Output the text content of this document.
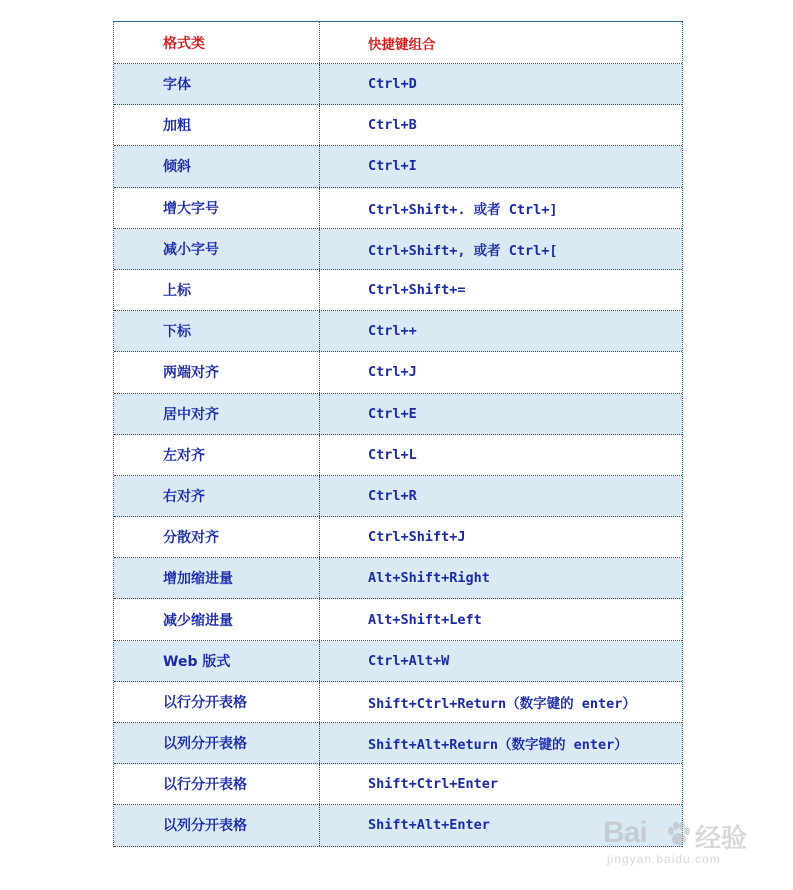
格式类	快捷键组合
字体	Ctrl+D
加粗	Ctrl+B
倾斜	Ctrl+I
增大字号	Ctrl+Shift+. 或者 Ctrl+]
减小字号	Ctrl+Shift+, 或者 Ctrl+[
上标	Ctrl+Shift+=
下标	Ctrl++
两端对齐	Ctrl+J
居中对齐	Ctrl+E
左对齐	Ctrl+L
右对齐	Ctrl+R
分散对齐	Ctrl+Shift+J
增加缩进量	Alt+Shift+Right
减少缩进量	Alt+Shift+Left
Web 版式	Ctrl+Alt+W
以行分开表格	Shift+Ctrl+Return（数字键的 enter）
以列分开表格	Shift+Alt+Return（数字键的 enter）
以行分开表格	Shift+Ctrl+Enter
以列分开表格	Shift+Alt+Enter	Bai 经验
jingyan.baidu.com
